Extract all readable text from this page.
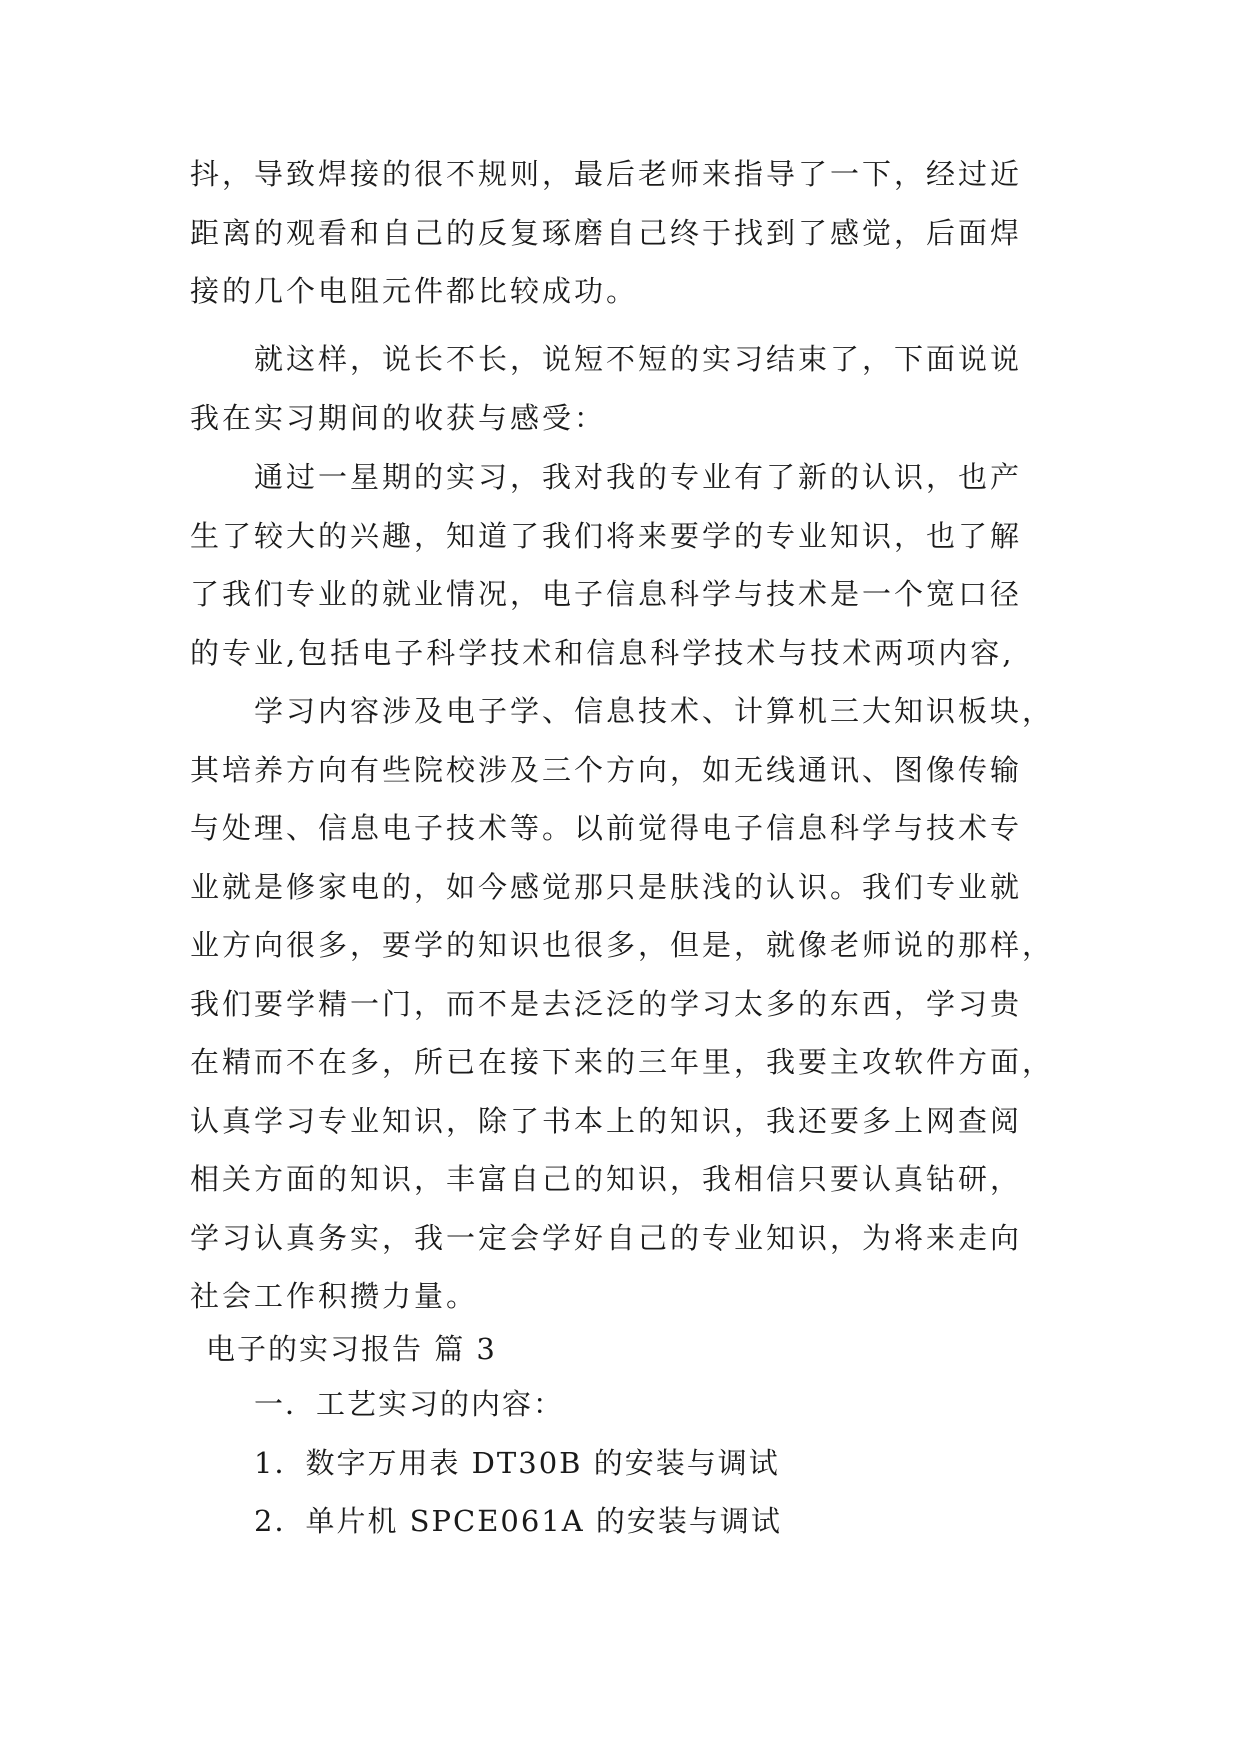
抖，导致焊接的很不规则，最后老师来指导了一下，经过近
距离的观看和自己的反复琢磨自己终于找到了感觉，后面焊
接的几个电阻元件都比较成功。
就这样，说长不长，说短不短的实习结束了，下面说说
我在实习期间的收获与感受：
通过一星期的实习，我对我的专业有了新的认识，也产
生了较大的兴趣，知道了我们将来要学的专业知识，也了解
了我们专业的就业情况，电子信息科学与技术是一个宽口径
的专业,包括电子科学技术和信息科学技术与技术两项内容,
学习内容涉及电子学、信息技术、计算机三大知识板块，
其培养方向有些院校涉及三个方向，如无线通讯、图像传输
与处理、信息电子技术等。以前觉得电子信息科学与技术专
业就是修家电的，如今感觉那只是肤浅的认识。我们专业就
业方向很多，要学的知识也很多，但是，就像老师说的那样，
我们要学精一门，而不是去泛泛的学习太多的东西，学习贵
在精而不在多，所已在接下来的三年里，我要主攻软件方面，
认真学习专业知识，除了书本上的知识，我还要多上网查阅
相关方面的知识，丰富自己的知识，我相信只要认真钻研，
学习认真务实，我一定会学好自己的专业知识，为将来走向
社会工作积攒力量。
电子的实习报告 篇 3
一．工艺实习的内容：
1．数字万用表 DT30B 的安装与调试
2．单片机 SPCE061A 的安装与调试
